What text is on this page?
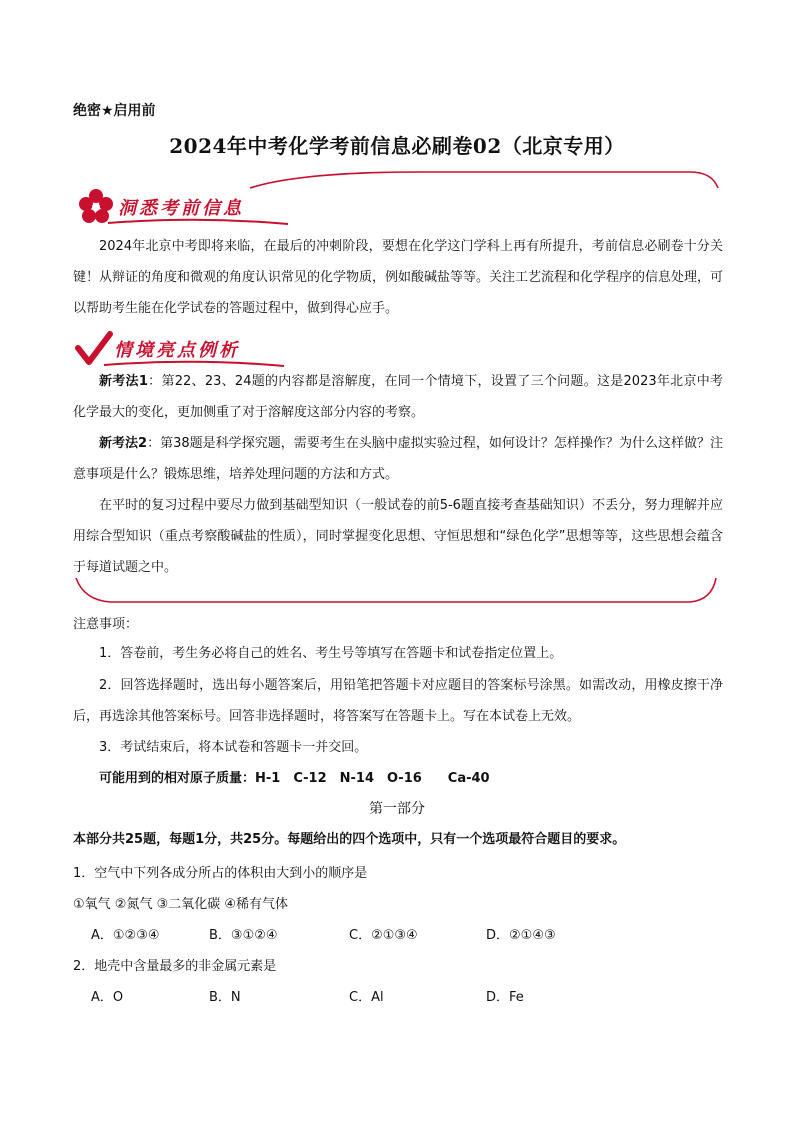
绝密★启用前
2024年中考化学考前信息必刷卷02（北京专用）
洞悉考前信息
2024年北京中考即将来临，在最后的冲刺阶段，要想在化学这门学科上再有所提升，考前信息必刷卷十分关键！从辩证的角度和微观的角度认识常见的化学物质，例如酸碱盐等等。关注工艺流程和化学程序的信息处理，可以帮助考生能在化学试卷的答题过程中，做到得心应手。
情境亮点例析
新考法1：第22、23、24题的内容都是溶解度，在同一个情境下，设置了三个问题。这是2023年北京中考化学最大的变化，更加侧重了对于溶解度这部分内容的考察。
新考法2：第38题是科学探究题，需要考生在头脑中虚拟实验过程，如何设计？怎样操作？为什么这样做？注意事项是什么？锻炼思维，培养处理问题的方法和方式。
在平时的复习过程中要尽力做到基础型知识（一般试卷的前5-6题直接考查基础知识）不丢分，努力理解并应用综合型知识（重点考察酸碱盐的性质），同时掌握变化思想、守恒思想和“绿色化学”思想等等，这些思想会蕴含于每道试题之中。
注意事项：
1．答卷前，考生务必将自己的姓名、考生号等填写在答题卡和试卷指定位置上。
2．回答选择题时，选出每小题答案后，用铅笔把答题卡对应题目的答案标号涂黑。如需改动，用橡皮擦干净后，再选涂其他答案标号。回答非选择题时，将答案写在答题卡上。写在本试卷上无效。
3．考试结束后，将本试卷和答题卡一并交回。
可能用到的相对原子质量：H-1　C-12　N-14　O-16　　Ca-40
第一部分
本部分共25题，每题1分，共25分。每题给出的四个选项中，只有一个选项最符合题目的要求。
1．空气中下列各成分所占的体积由大到小的顺序是
①氧气 ②氮气 ③二氧化碳 ④稀有气体
A．①②③④	B．③①②④	C．②①③④	D．②①④③
2．地壳中含量最多的非金属元素是
A．O	B．N	C．Al	D．Fe
